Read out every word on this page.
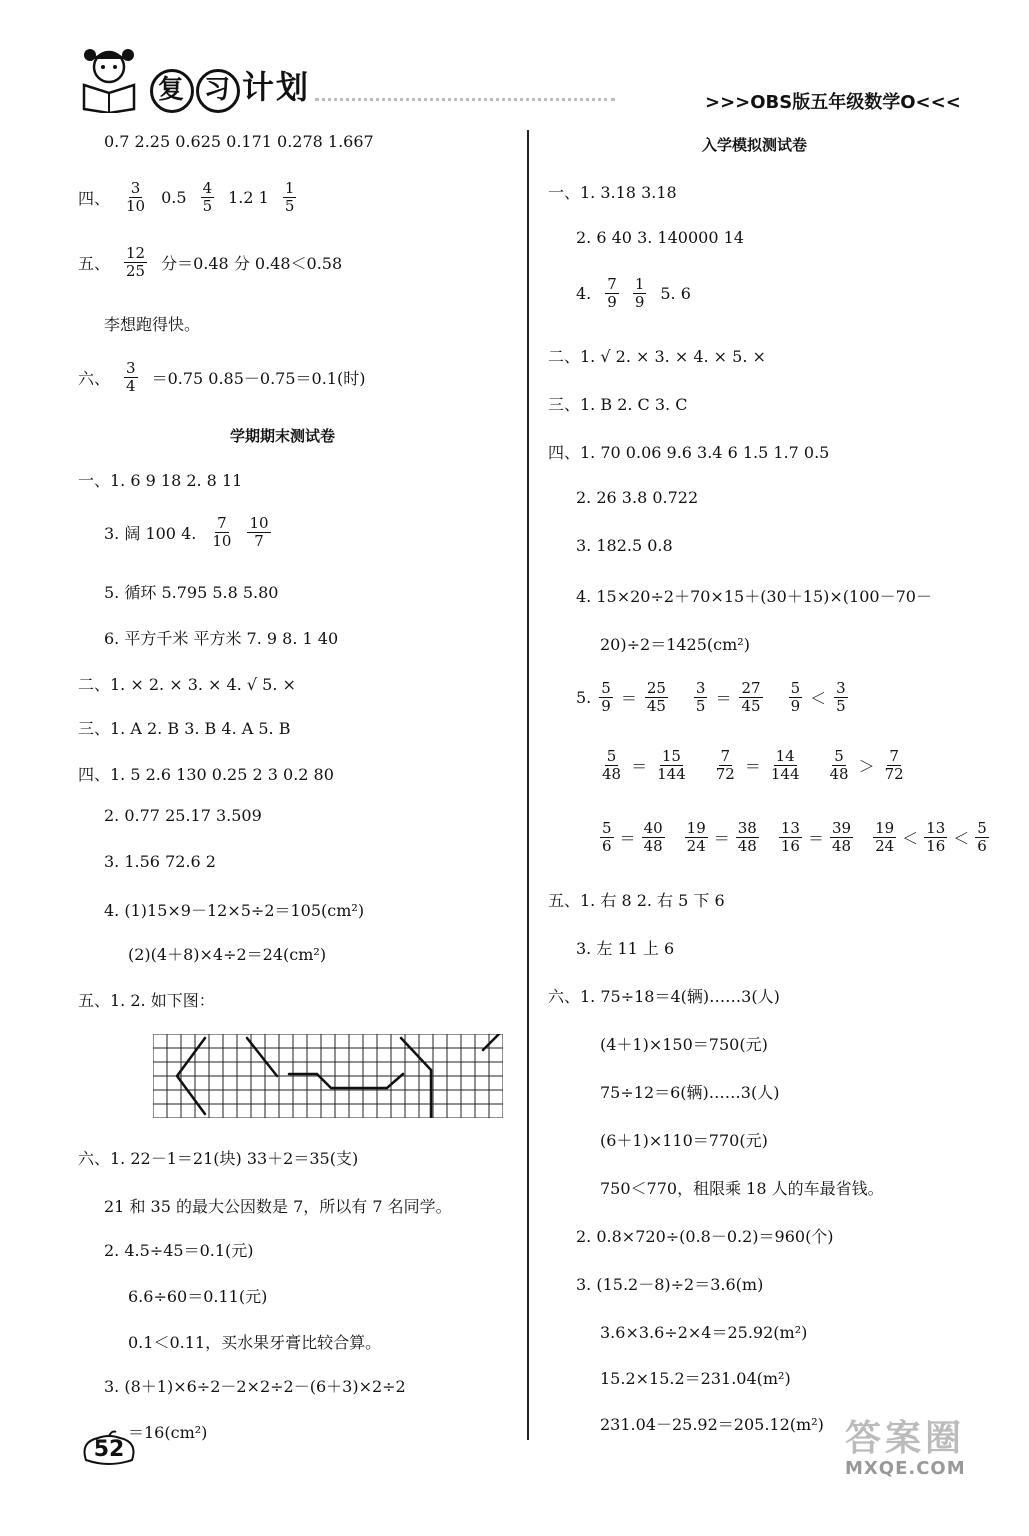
复 习 计划	>>>OBS版五年级数学O<<<
0.7 2.25 0.625 0.171 0.278 1.667
四、 $\frac{3}{10} 0.5 \frac{4}{5} 1.2$ $1 \frac{1}{5}$
五、 $\frac{12}{25}$ 分＝0.48 分 0.48＜0.58
李想跑得快。
六、 $\frac{3}{4} =0.75$ 0.85－0.75＝0.1(时)
学期期末测试卷
一、1. 6 9 18 2. 8 11
3. 阔 100 4. $\frac{7}{10} \frac{10}{7}$
5. 循环 5.795 5.8 5.80
6. 平方千米 平方米 7. 9 8. 1 40
二、1. × 2. × 3. × 4. √ 5. ×
三、1. A 2. B 3. B 4. A 5. B
四、1. 5 2.6 130 0.25 2 3 0.2 80
2. 0.77 25.17 3.509
3. 1.56 72.6 2
4. (1)15×9－12×5÷2＝105(cm²)
(2)(4＋8)×4÷2＝24(cm²)
五、1. 2. 如下图：
六、1. 22－1＝21(块) 33＋2＝35(支)
21 和 35 的最大公因数是 7，所以有 7 名同学。
2. 4.5÷45＝0.1(元)
6.6÷60＝0.11(元)
0.1＜0.11，买水果牙膏比较合算。
3. (8＋1)×6÷2－2×2÷2－(6＋3)×2÷2
＝16(cm²)
入学模拟测试卷
一、1. 3.18 3.18
2. 6 40 3. 140000 14
4. $\frac{7}{9} \frac{1}{9} 5$. 6
二、1. √ 2. × 3. × 4. × 5. ×
三、1. B 2. C 3. C
四、1. 70 0.06 9.6 3.4 6 1.5 1.7 0.5
2. 26 3.8 0.722
3. 182.5 0.8
4. 15×20÷2＋70×15＋(30＋15)×(100－70－
20)÷2＝1425(cm²)
5. $\frac{5}{9} = \frac{25}{45} \frac{3}{5} = \frac{27}{45} \frac{5}{9} < \frac{3}{5}$
$\frac{5}{48} = \frac{15}{144} \frac{7}{72} = \frac{14}{144} \frac{5}{48} > \frac{7}{72}$
$\frac{5}{6} = \frac{40}{48} \frac{19}{24} = \frac{38}{48} \frac{13}{16} = \frac{39}{48} \frac{19}{24} < \frac{13}{16} < \frac{5}{6}$
五、1. 右 8 2. 右 5 下 6
3. 左 11 上 6
六、1. 75÷18＝4(辆)……3(人)
(4＋1)×150＝750(元)
75÷12＝6(辆)……3(人)
(6＋1)×110＝770(元)
750＜770，租限乘 18 人的车最省钱。
2. 0.8×720÷(0.8－0.2)＝960(个)
3. (15.2－8)÷2＝3.6(m)
3.6×3.6÷2×4＝25.92(m²)
15.2×15.2＝231.04(m²)
231.04－25.92＝205.12(m²)
52	答案圈
MXQE.COM
